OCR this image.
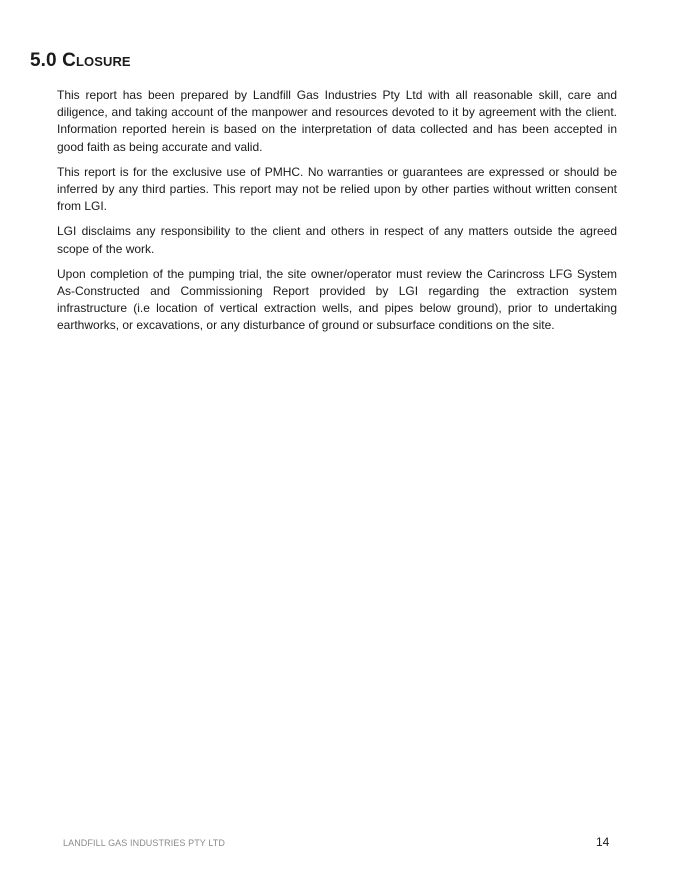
5.0 Closure

This report has been prepared by Landfill Gas Industries Pty Ltd with all reasonable skill, care and diligence, and taking account of the manpower and resources devoted to it by agreement with the client. Information reported herein is based on the interpretation of data collected and has been accepted in good faith as being accurate and valid.

This report is for the exclusive use of PMHC. No warranties or guarantees are expressed or should be inferred by any third parties. This report may not be relied upon by other parties without written consent from LGI.

LGI disclaims any responsibility to the client and others in respect of any matters outside the agreed scope of the work.

Upon completion of the pumping trial, the site owner/operator must review the Carincross LFG System As-Constructed and Commissioning Report provided by LGI regarding the extraction system infrastructure (i.e location of vertical extraction wells, and pipes below ground), prior to undertaking earthworks, or excavations, or any disturbance of ground or subsurface conditions on the site.

LANDFILL GAS INDUSTRIES PTY LTD	14
